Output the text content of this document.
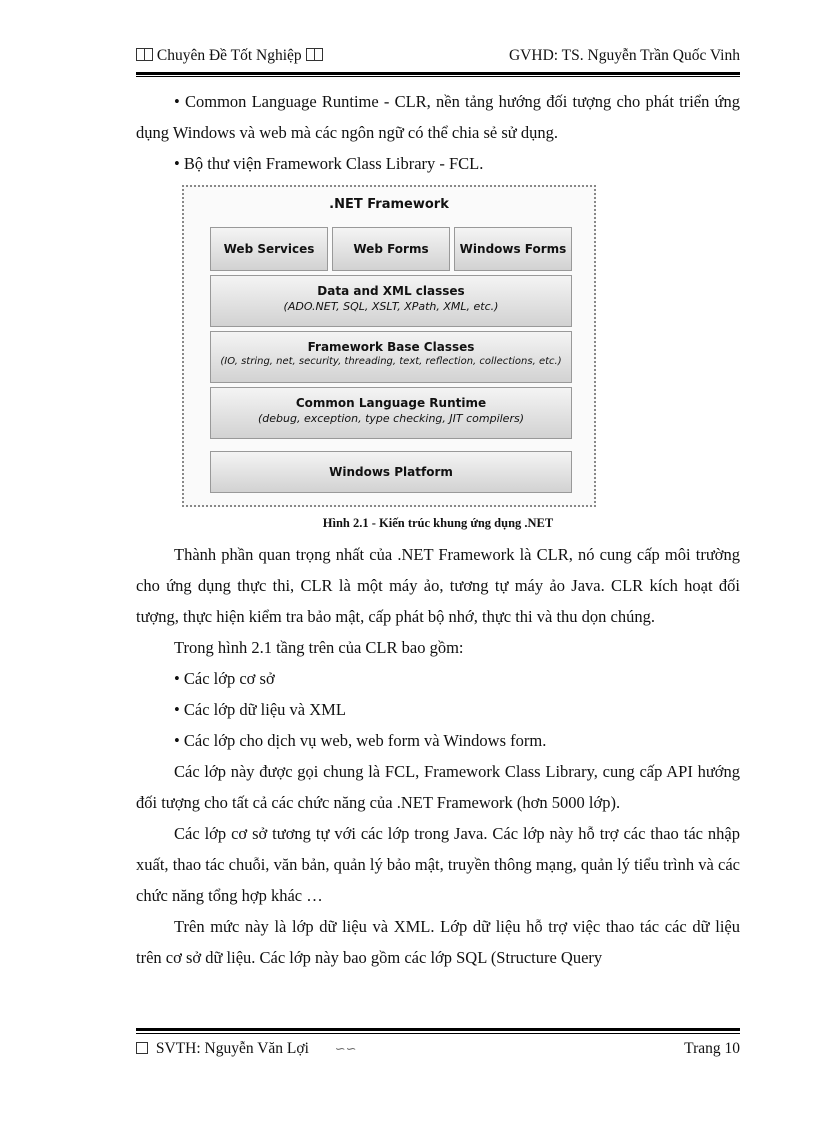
Chuyên Đề Tốt Nghiệp	GVHD: TS. Nguyễn Trần Quốc Vinh

• Common Language Runtime - CLR, nền tảng hướng đối tượng cho phát triển ứng dụng Windows và web mà các ngôn ngữ có thể chia sẻ sử dụng.

• Bộ thư viện Framework Class Library - FCL.

.NET Framework
Web Services	Web Forms	Windows Forms
Data and XML classes
(ADO.NET, SQL, XSLT, XPath, XML, etc.)
Framework Base Classes
(IO, string, net, security, threading, text, reflection, collections, etc.)
Common Language Runtime
(debug, exception, type checking, JIT compilers)
Windows Platform
Hình 2.1 - Kiến trúc khung ứng dụng .NET

Thành phần quan trọng nhất của .NET Framework là CLR, nó cung cấp môi trường cho ứng dụng thực thi, CLR là một máy ảo, tương tự máy ảo Java. CLR kích hoạt đối tượng, thực hiện kiểm tra bảo mật, cấp phát bộ nhớ, thực thi và thu dọn chúng.

Trong hình 2.1 tầng trên của CLR bao gồm:

• Các lớp cơ sở

• Các lớp dữ liệu và XML

• Các lớp cho dịch vụ web, web form và Windows form.

Các lớp này được gọi chung là FCL, Framework Class Library, cung cấp API hướng đối tượng cho tất cả các chức năng của .NET Framework (hơn 5000 lớp).

Các lớp cơ sở tương tự với các lớp trong Java. Các lớp này hỗ trợ các thao tác nhập xuất, thao tác chuỗi, văn bản, quản lý bảo mật, truyền thông mạng, quản lý tiểu trình và các chức năng tổng hợp khác …

Trên mức này là lớp dữ liệu và XML. Lớp dữ liệu hỗ trợ việc thao tác các dữ liệu trên cơ sở dữ liệu. Các lớp này bao gồm các lớp SQL (Structure Query

SVTH: Nguyễn Văn Lợi ∽∽	Trang 10
